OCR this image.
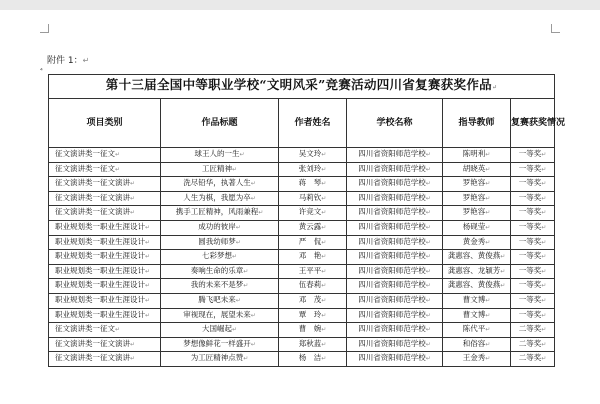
附件 1：↵
⁴
第十三届全国中等职业学校“文明风采”竞赛活动四川省复赛获奖作品↵					
项目类别	作品标题	作者姓名	学校名称	指导教师	复赛获奖情况
征文演讲类一征文↵	球王人的一生↵	吴文玲↵	四川省资阳师范学校↵	陈明利↵	一等奖↵
征文演讲类一征文↵	工匠精神↵	张刘玲↵	四川省资阳师范学校↵	胡晓英↵	一等奖↵
征文演讲类一征文演讲↵	洗尽铅华，执著人生↵	蒋　琴↵	四川省资阳师范学校↵	罗艳容↵	一等奖↵
征文演讲类一征文演讲↵	人生为棋，我愿为卒↵	马莉钦↵	四川省资阳师范学校↵	罗艳容↵	一等奖↵
征文演讲类一征文演讲↵	携手工匠精神，风雨兼程↵	许竞文↵	四川省资阳师范学校↵	罗艳容↵	一等奖↵
职业规划类一职业生涯设计↵	成功的彼岸↵	黄云露↵	四川省资阳师范学校↵	杨砚莹↵	一等奖↵
职业规划类一职业生涯设计↵	圆我幼师梦↵	严　侃↵	四川省资阳师范学校↵	黄金秀↵	一等奖↵
职业规划类一职业生涯设计↵	七彩梦想↵	邓　艳↵	四川省资阳师范学校↵	龚惠容、黄俊燕↵	一等奖↵
职业规划类一职业生涯设计↵	奏响生命的乐章↵	王平平↵	四川省资阳师范学校↵	龚惠容、龙颖芳↵	一等奖↵
职业规划类一职业生涯设计↵	我的未来不是梦↵	伍春莉↵	四川省资阳师范学校↵	龚惠容、黄俊燕↵	一等奖↵
职业规划类一职业生涯设计↵	腾飞吧未来↵	邓　茂↵	四川省资阳师范学校↵	曹文博↵	一等奖↵
职业规划类一职业生涯设计↵	审视现在，展望未来↵	覃　玲↵	四川省资阳师范学校↵	曹文博↵	一等奖↵
征文演讲类一征文↵	大国崛起↵	曹　婉↵	四川省资阳师范学校↵	陈代平↵	二等奖↵
征文演讲类一征文演讲↵	梦想像鲜花一样盛开↵	郑秋蓝↵	四川省资阳师范学校↵	和俗容↵	二等奖↵
征文演讲类一征文演讲↵	为工匠精神点赞↵	杨　洁↵	四川省资阳师范学校↵	王金秀↵	二等奖↵
